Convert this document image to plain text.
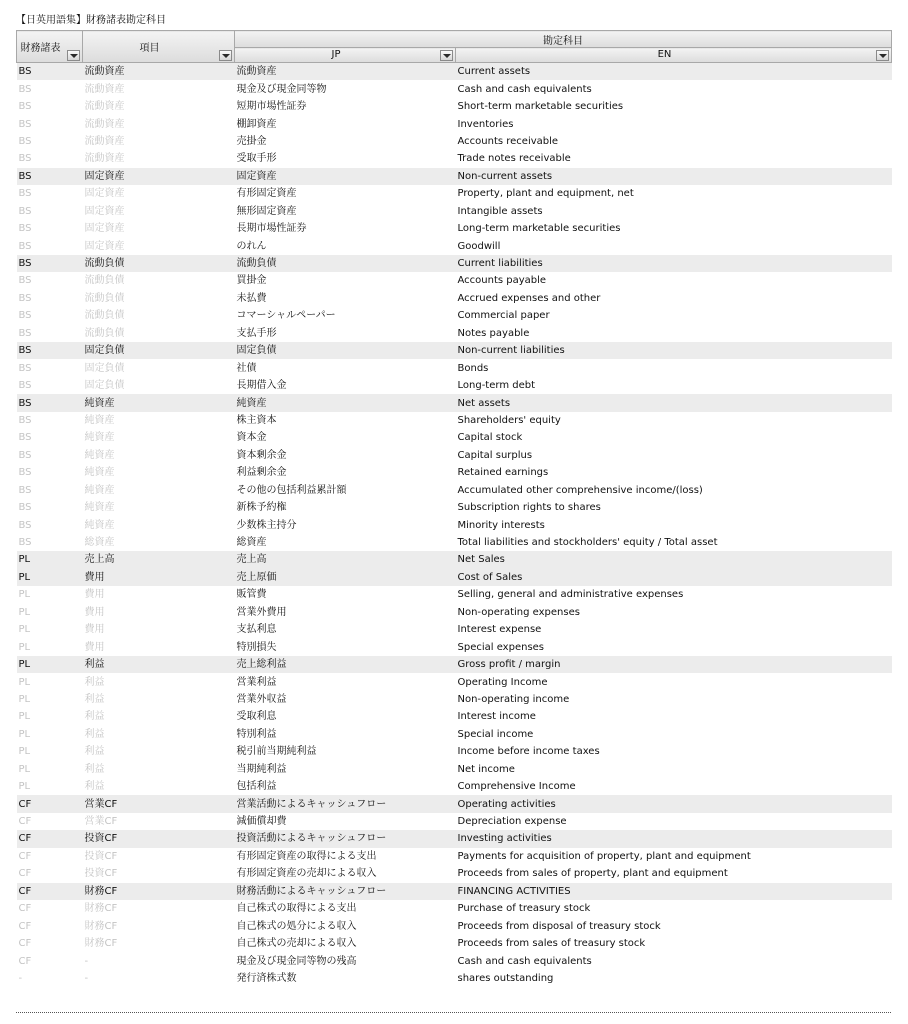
【日英用語集】財務諸表勘定科目
財務諸表	項目	勘定科目	

		JP	EN

BS	流動資産	流動資産	Current assets
BS	流動資産	現金及び現金同等物	Cash and cash equivalents
BS	流動資産	短期市場性証券	Short-term marketable securities
BS	流動資産	棚卸資産	Inventories
BS	流動資産	売掛金	Accounts receivable
BS	流動資産	受取手形	Trade notes receivable
BS	固定資産	固定資産	Non-current assets
BS	固定資産	有形固定資産	Property, plant and equipment, net
BS	固定資産	無形固定資産	Intangible assets
BS	固定資産	長期市場性証券	Long-term marketable securities
BS	固定資産	のれん	Goodwill
BS	流動負債	流動負債	Current liabilities
BS	流動負債	買掛金	Accounts payable
BS	流動負債	未払費	Accrued expenses and other
BS	流動負債	コマーシャルペーパー	Commercial paper
BS	流動負債	支払手形	Notes payable
BS	固定負債	固定負債	Non-current liabilities
BS	固定負債	社債	Bonds
BS	固定負債	長期借入金	Long-term debt
BS	純資産	純資産	Net assets
BS	純資産	株主資本	Shareholders' equity
BS	純資産	資本金	Capital stock
BS	純資産	資本剰余金	Capital surplus
BS	純資産	利益剰余金	Retained earnings
BS	純資産	その他の包括利益累計額	Accumulated other comprehensive income/(loss)
BS	純資産	新株予約権	Subscription rights to shares
BS	純資産	少数株主持分	Minority interests
BS	総資産	総資産	Total liabilities and stockholders' equity / Total asset
PL	売上高	売上高	Net Sales
PL	費用	売上原価	Cost of Sales
PL	費用	販管費	Selling, general and administrative expenses
PL	費用	営業外費用	Non-operating expenses
PL	費用	支払利息	Interest expense
PL	費用	特別損失	Special expenses
PL	利益	売上総利益	Gross profit / margin
PL	利益	営業利益	Operating Income
PL	利益	営業外収益	Non-operating income
PL	利益	受取利息	Interest income
PL	利益	特別利益	Special income
PL	利益	税引前当期純利益	Income before income taxes
PL	利益	当期純利益	Net income
PL	利益	包括利益	Comprehensive Income
CF	営業CF	営業活動によるキャッシュフロー	Operating activities
CF	営業CF	減価償却費	Depreciation expense
CF	投資CF	投資活動によるキャッシュフロー	Investing activities
CF	投資CF	有形固定資産の取得による支出	Payments for acquisition of property, plant and equipment
CF	投資CF	有形固定資産の売却による収入	Proceeds from sales of property, plant and equipment
CF	財務CF	財務活動によるキャッシュフロー	FINANCING ACTIVITIES
CF	財務CF	自己株式の取得による支出	Purchase of treasury stock
CF	財務CF	自己株式の処分による収入	Proceeds from disposal of treasury stock
CF	財務CF	自己株式の売却による収入	Proceeds from sales of treasury stock
CF	-	現金及び現金同等物の残高	Cash and cash equivalents
-	-	発行済株式数	shares outstanding
